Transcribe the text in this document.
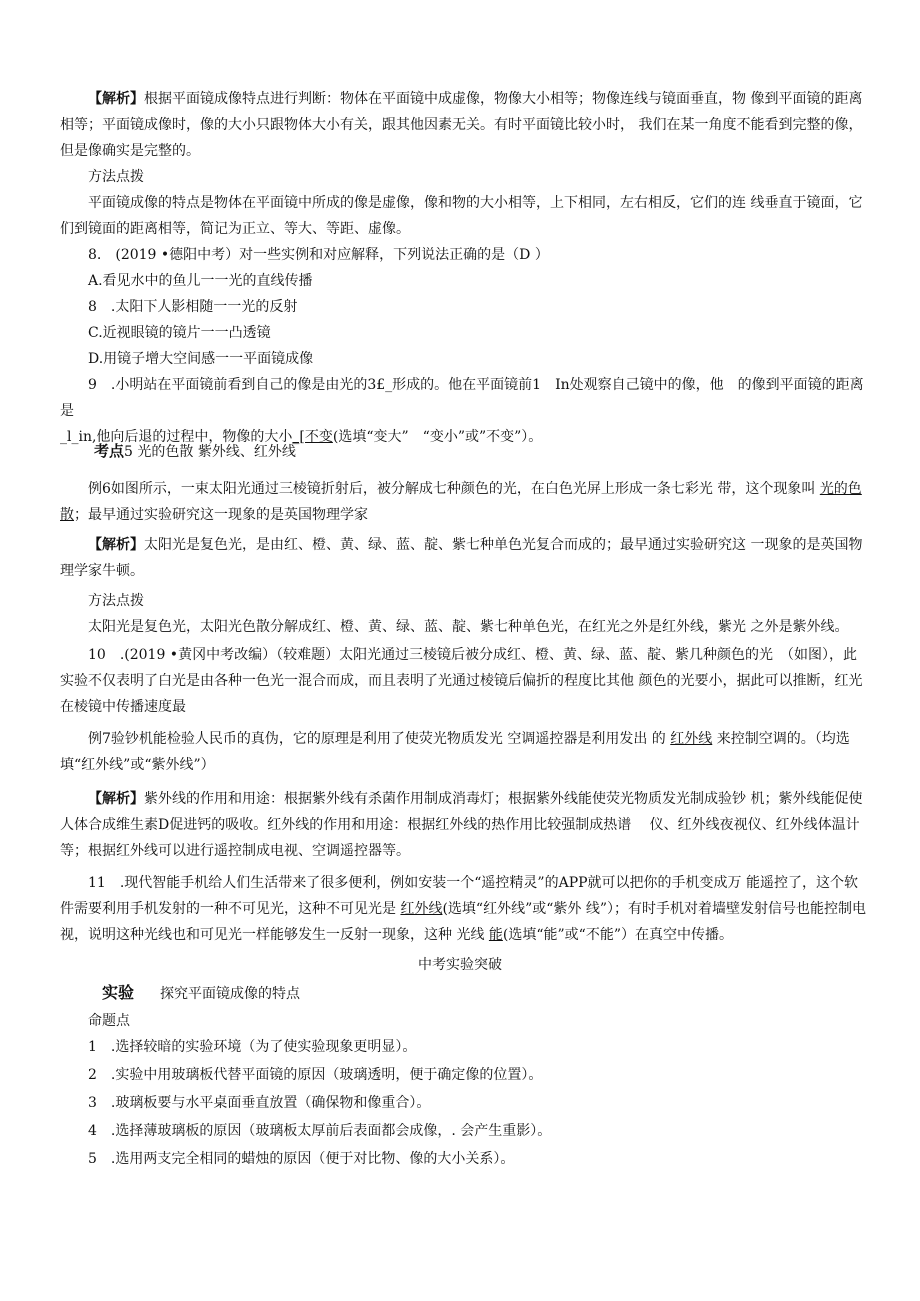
【解析】根据平面镜成像特点进行判断：物体在平面镜中成虚像，物像大小相等；物像连线与镜面垂直，物 像到平面镜的距离相等；平面镜成像时，像的大小只跟物体大小有关，跟其他因素无关。有时平面镜比较小时， 我们在某一角度不能看到完整的像，但是像确实是完整的。

方法点拨

平面镜成像的特点是物体在平面镜中所成的像是虚像，像和物的大小相等，上下相同，左右相反，它们的连 线垂直于镜面，它们到镜面的距离相等，简记为正立、等大、等距、虚像。

8.　(2019 •德阳中考）对一些实例和对应解释，下列说法正确的是（D ）
A.看见水中的鱼儿一一光的直线传播
8　.太阳下人影相随一一光的反射
C.近视眼镜的镜片一一凸透镜
D.用镜子增大空间感一一平面镜成像

9　.小明站在平面镜前看到自己的像是由光的3£_形成的。他在平面镜前1　In处观察自己镜中的像，他　的像到平面镜的距离是
_l_in,他向后退的过程中，物像的大小_[不变(选填“变大”　“变小”或”不变”）。

考点5 光的色散 紫外线、红外线

例6如图所示，一束太阳光通过三棱镜折射后，被分解成七种颜色的光，在白色光屏上形成一条七彩光 带，这个现象叫 光的色散；最早通过实验研究这一现象的是英国物理学家

【解析】太阳光是复色光，是由红、橙、黄、绿、蓝、靛、紫七种单色光复合而成的；最早通过实验研究这 一现象的是英国物理学家牛顿。

方法点拨

太阳光是复色光，太阳光色散分解成红、橙、黄、绿、蓝、靛、紫七种单色光，在红光之外是红外线，紫光 之外是紫外线。

10　.(2019 •黄冈中考改编）（较难题）太阳光通过三棱镜后被分成红、橙、黄、绿、蓝、靛、紫几种颜色的光　（如图），此实验不仅表明了白光是由各种一色光一混合而成，而且表明了光通过棱镜后偏折的程度比其他 颜色的光要小，据此可以推断，红光在棱镜中传播速度最

例7验钞机能检验人民币的真伪，它的原理是利用了使荧光物质发光 空调遥控器是利用发出 的 红外线 来控制空调的。（均选填“红外线”或“紫外线”）

【解析】紫外线的作用和用途：根据紫外线有杀菌作用制成消毒灯；根据紫外线能使荧光物质发光制成验钞 机；紫外线能促使人体合成维生素D促进钙的吸收。红外线的作用和用途：根据红外线的热作用比较强制成热谱　 仪、红外线夜视仪、红外线体温计等；根据红外线可以进行遥控制成电视、空调遥控器等。

11　.现代智能手机给人们生活带来了很多便利，例如安装一个“遥控精灵”的APP就可以把你的手机变成万 能遥控了，这个软件需要利用手机发射的一种不可见光，这种不可见光是 红外线(选填“红外线”或“紫外 线”）；有时手机对着墙壁发射信号也能控制电视，说明这种光线也和可见光一样能够发生一反射一现象，这种 光线 能(选填“能”或“不能”）在真空中传播。

中考实验突破
实验 探究平面镜成像的特点
命题点
1　.选择较暗的实验环境（为了使实验现象更明显）。
2　.实验中用玻璃板代替平面镜的原因（玻璃透明，便于确定像的位置）。
3　.玻璃板要与水平桌面垂直放置（确保物和像重合）。
4　.选择薄玻璃板的原因（玻璃板太厚前后表面都会成像，. 会产生重影）。
5　.选用两支完全相同的蜡烛的原因（便于对比物、像的大小关系）。
